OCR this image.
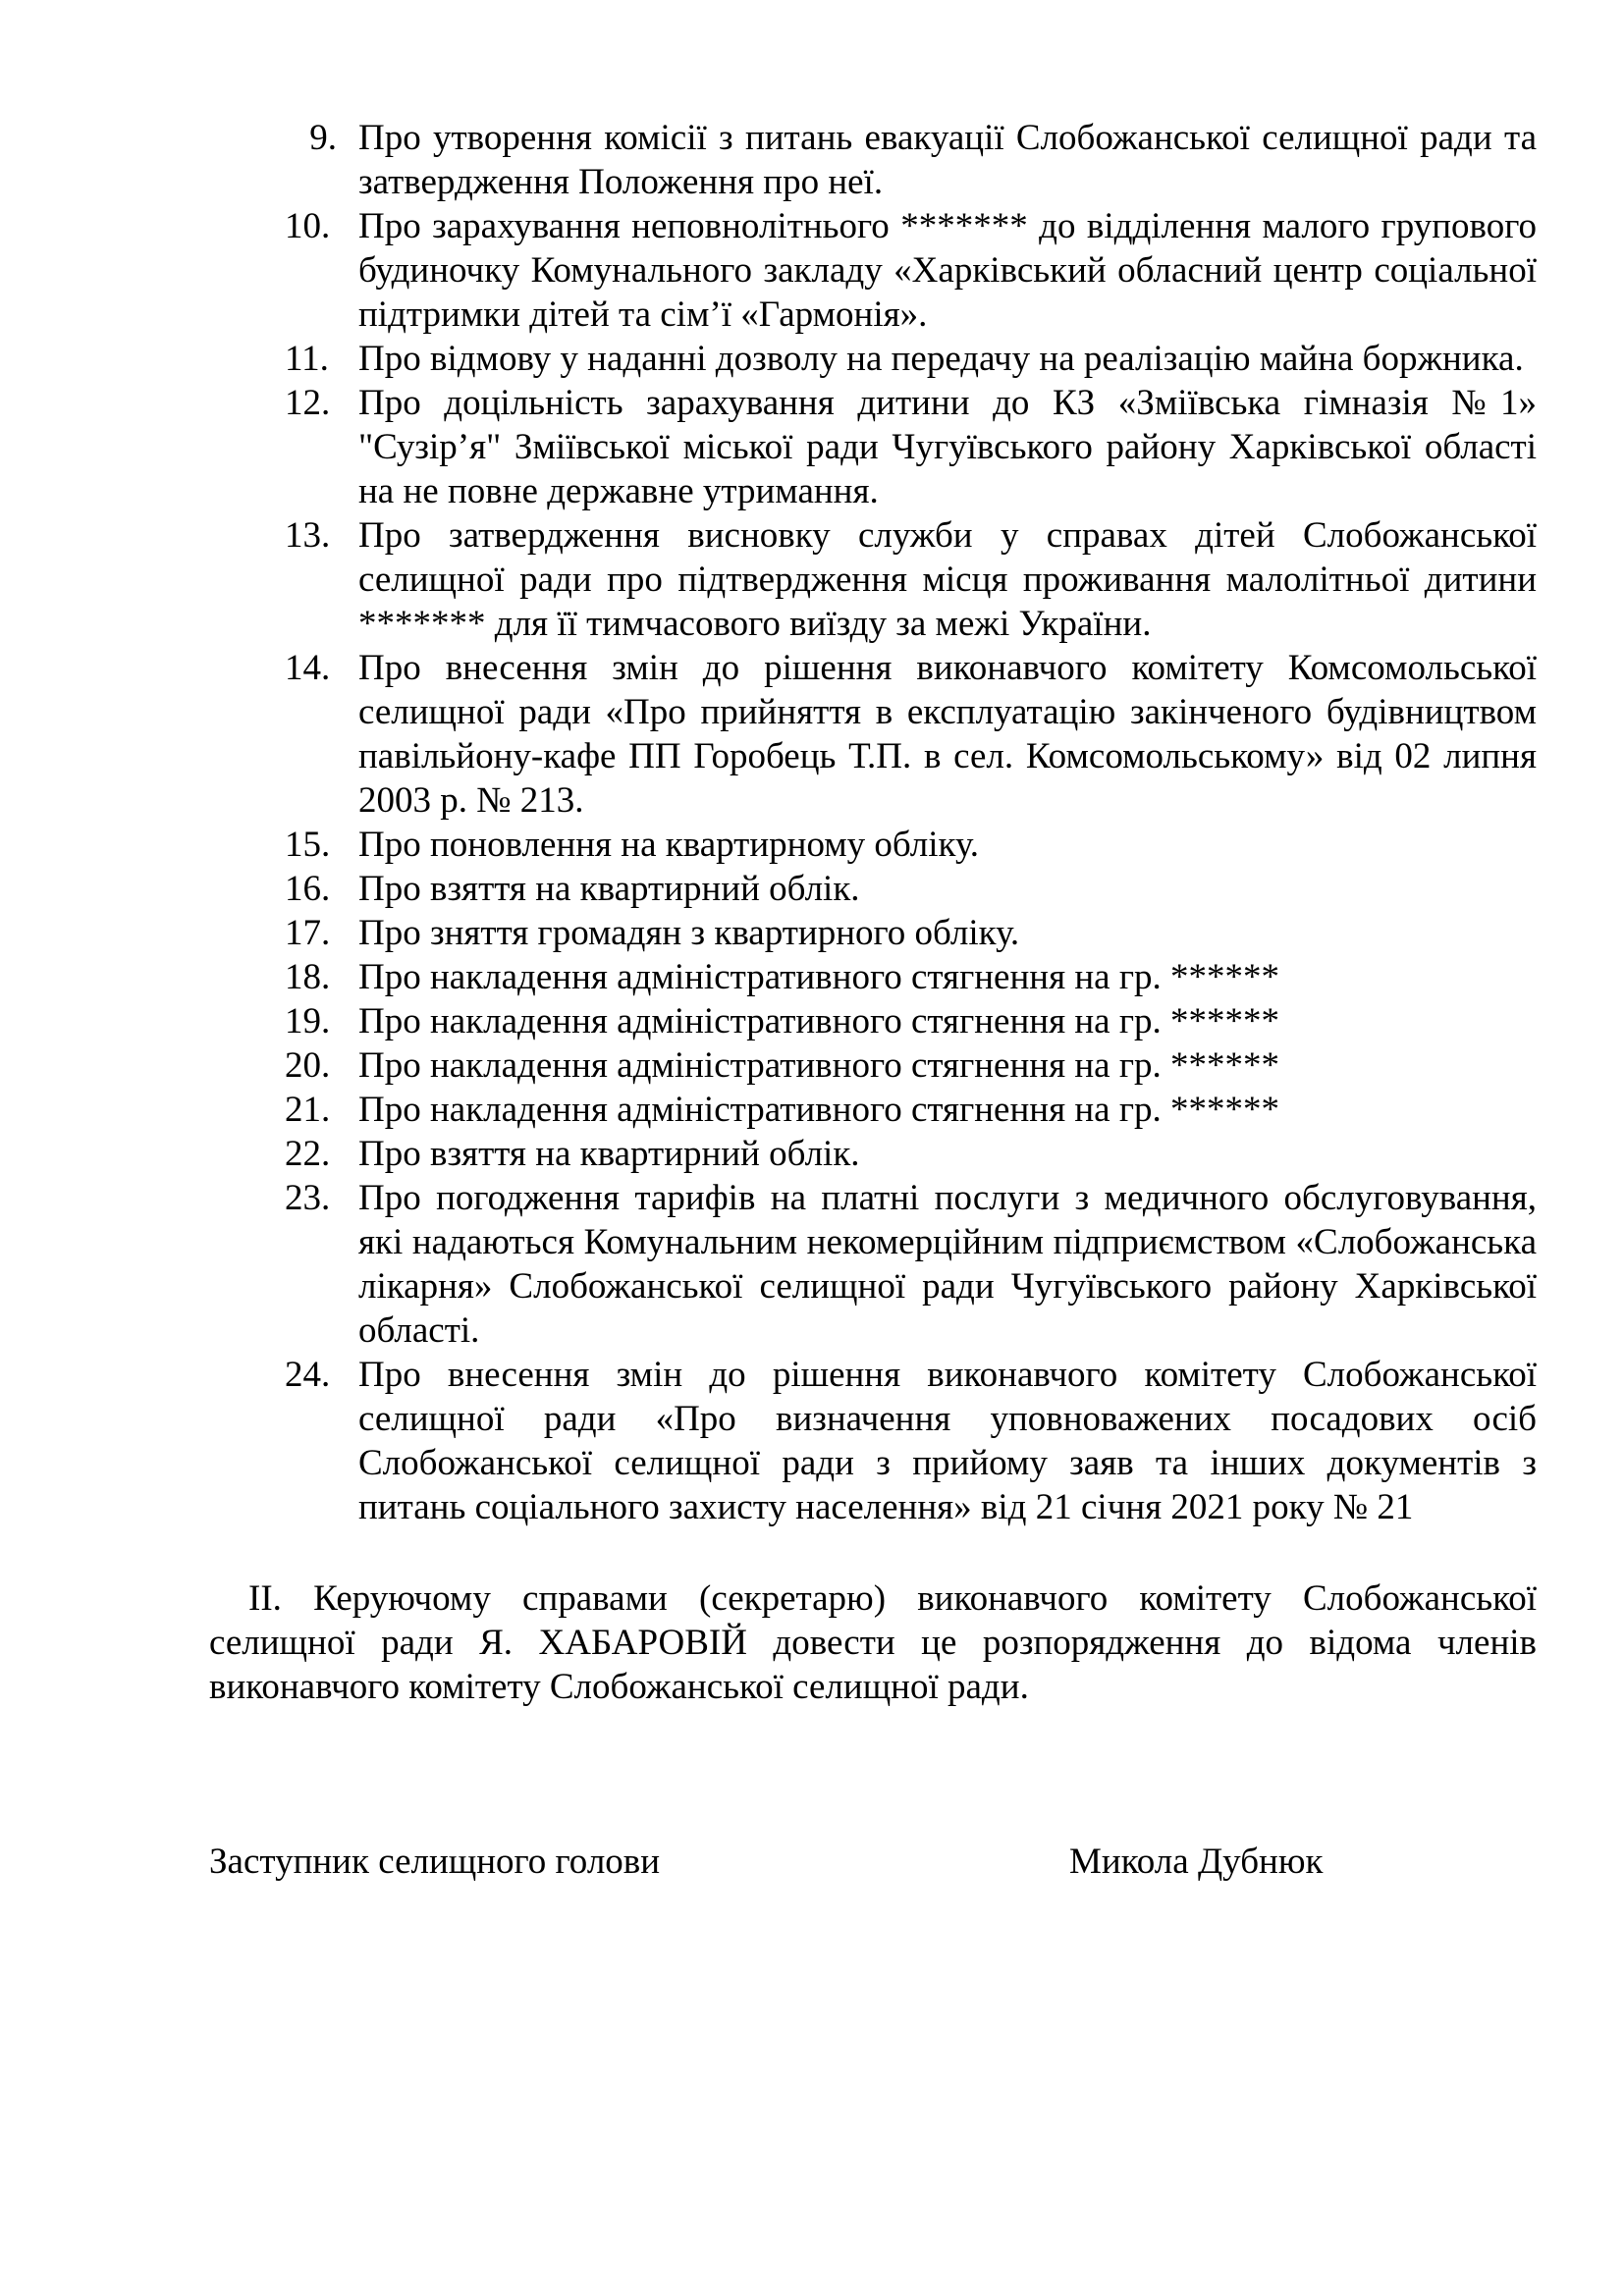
9. Про утворення комісії з питань евакуації Слобожанської селищної ради та затвердження Положення про неї.
10. Про зарахування неповнолітнього ******* до відділення малого групового будиночку Комунального закладу «Харківський обласний центр соціальної підтримки дітей та сім’ї «Гармонія».
11. Про відмову у наданні дозволу на передачу на реалізацію майна боржника.
12. Про доцільність зарахування дитини до КЗ «Зміївська гімназія №1» "Сузір’я" Зміївської міської ради Чугуївського району Харківської області на не повне державне утримання.
13. Про затвердження висновку служби у справах дітей Слобожанської селищної ради про підтвердження місця проживання малолітньої дитини ******* для її тимчасового виїзду за межі України.
14. Про внесення змін до рішення виконавчого комітету Комсомольської селищної ради «Про прийняття в експлуатацію закінченого будівництвом павільйону-кафе ПП Горобець Т.П. в сел. Комсомольському» від 02 липня 2003 р. № 213.
15. Про поновлення на квартирному обліку.
16. Про взяття на квартирний облік.
17. Про зняття громадян з квартирного обліку.
18. Про накладення адміністративного стягнення на гр. ******
19. Про накладення адміністративного стягнення на гр. ******
20. Про накладення адміністративного стягнення на гр. ******
21. Про накладення адміністративного стягнення на гр. ******
22. Про взяття на квартирний облік.
23. Про погодження тарифів на платні послуги з медичного обслуговування, які надаються Комунальним некомерційним підприємством «Слобожанська лікарня» Слобожанської селищної ради Чугуївського району Харківської області.
24. Про внесення змін до рішення виконавчого комітету Слобожанської селищної ради «Про визначення уповноважених посадових осіб Слобожанської селищної ради з прийому заяв та інших документів з питань соціального захисту населення» від 21 січня 2021 року № 21

ІІ. Керуючому справами (секретарю) виконавчого комітету Слобожанської селищної ради Я. ХАБАРОВІЙ довести це розпорядження до відома членів виконавчого комітету Слобожанської селищної ради.

Заступник селищного голови	Микола Дубнюк
